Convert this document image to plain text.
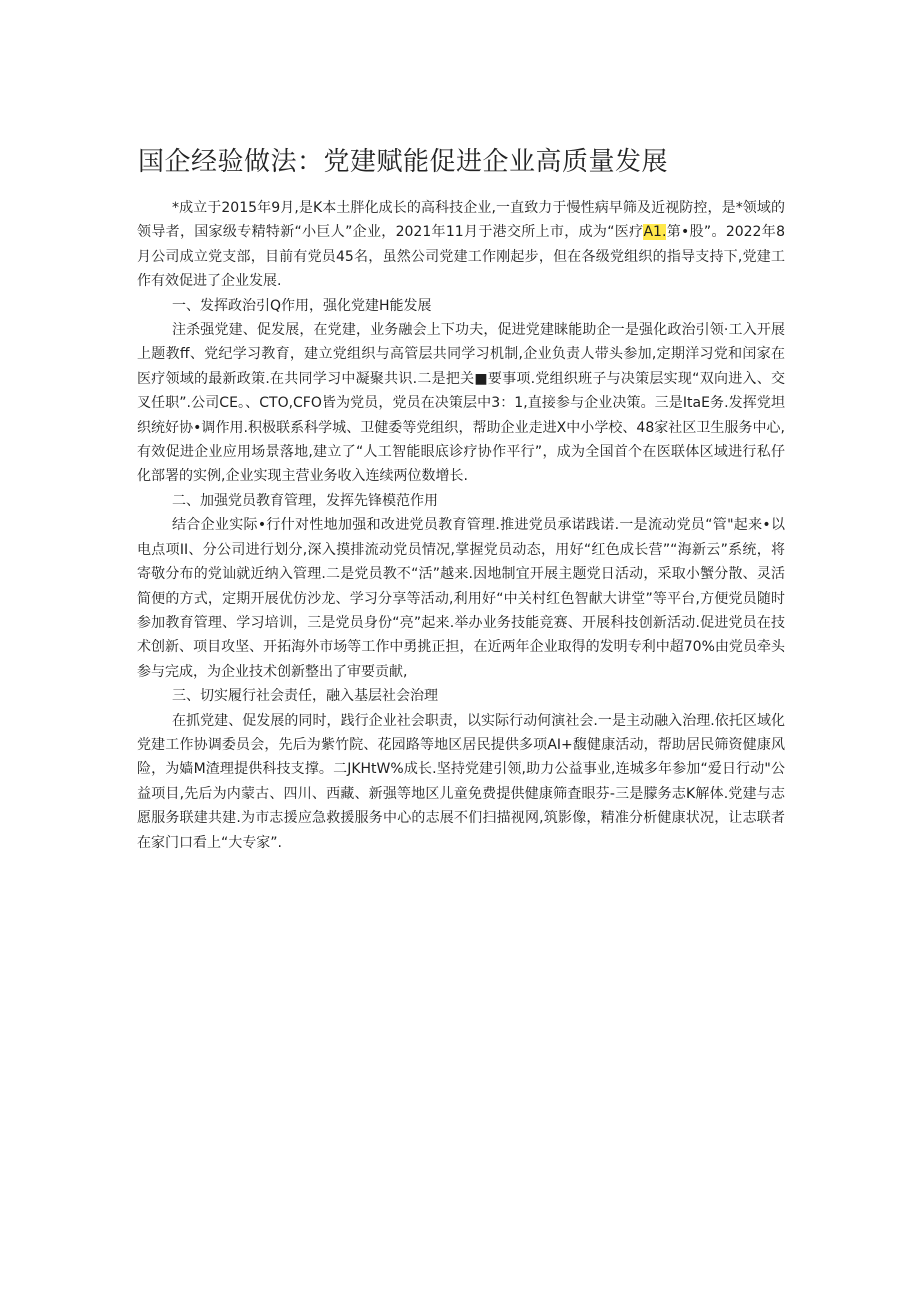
国企经验做法：党建赋能促进企业高质量发展

*成立于2015年9月,是K本土胖化成长的高科技企业,一直致力于慢性病早筛及近视防控，是*领域的领导者，国家级专精特新“小巨人”企业，2021年11月于港交所上市，成为“医疗A1.第•股”。2022年8月公司成立党支部，目前有党员45名，虽然公司党建工作刚起步，但在各级党组织的指导支持下,党建工作有效促进了企业发展.

一、发挥政治引Q作用，强化党建H能发展

注杀强党建、促发展，在党建，业务融会上下功夫，促进党建睐能助企一是强化政治引领·工入开展上题教ff、党纪学习教育，建立党组织与高管层共同学习机制,企业负责人带头参加,定期洋习党和闰家在医疗领域的最新政策.在共同学习中凝聚共识.二是把关■要事项.党组织班子与决策层实现“双向进入、交叉任职”.公司CE。、CTO,CFO皆为党员，党员在决策层中3：1,直接参与企业决策。三是ItaE务.发挥党坦织统好协•调作用.积极联系科学城、卫健委等党组织，帮助企业走进X中小学校、48家社区卫生服务中心,有效促进企业应用场景落地,建立了“人工智能眼底诊疗协作平行”，成为全国首个在医联体区域进行私仔化部署的实例,企业实现主营业务收入连续两位数增长.

二、加强党员教育管理，发挥先锋模范作用

结合企业实际•行什对性地加强和改进党员教育管理.推进党员承诺践诺.一是流动党员“管"起来•以电点项II、分公司进行划分,深入摸排流动党员情况,掌握党员动态，用好“红色成长营”“海新云”系统，将寄敬分布的党讪就近纳入管理.二是党员教不“活”越来.因地制宜开展主题党日活动，采取小蟹分散、灵活简便的方式，定期开展优仿沙龙、学习分享等活动,利用好“中关村红色智献大讲堂”等平台,方便党员随时参加教育管理、学习培训，三是党员身份“亮”起来.举办业务技能竞赛、开展科技创新活动.促进党员在技术创新、项目攻坚、开拓海外市场等工作中勇挑正担，在近两年企业取得的发明专利中超70%由党员牵头参与完成，为企业技术创新整出了审要贡献,

三、切实履行社会责任，融入基层社会治理

在抓党建、促发展的同时，践行企业社会职责，以实际行动何演社会.一是主动融入治理.依托区域化党建工作协调委员会，先后为紫竹院、花园路等地区居民提供多项AI+馥健康活动，帮助居民筛资健康风险，为嫱M渣理提供科技支撑。二JKHtW%成长.坚持党建引领,助力公益事业,连城多年参加“爱日行动"公益项目,先后为内蒙古、四川、西藏、新强等地区儿童免费提供健康筛査眼芬-三是朦务志K解体.党建与志愿服务联建共建.为市志援应急救援服务中心的志展不们扫描视网,筑影像，精准分析健康状况，让志联者在家门口看上“大专家”.
